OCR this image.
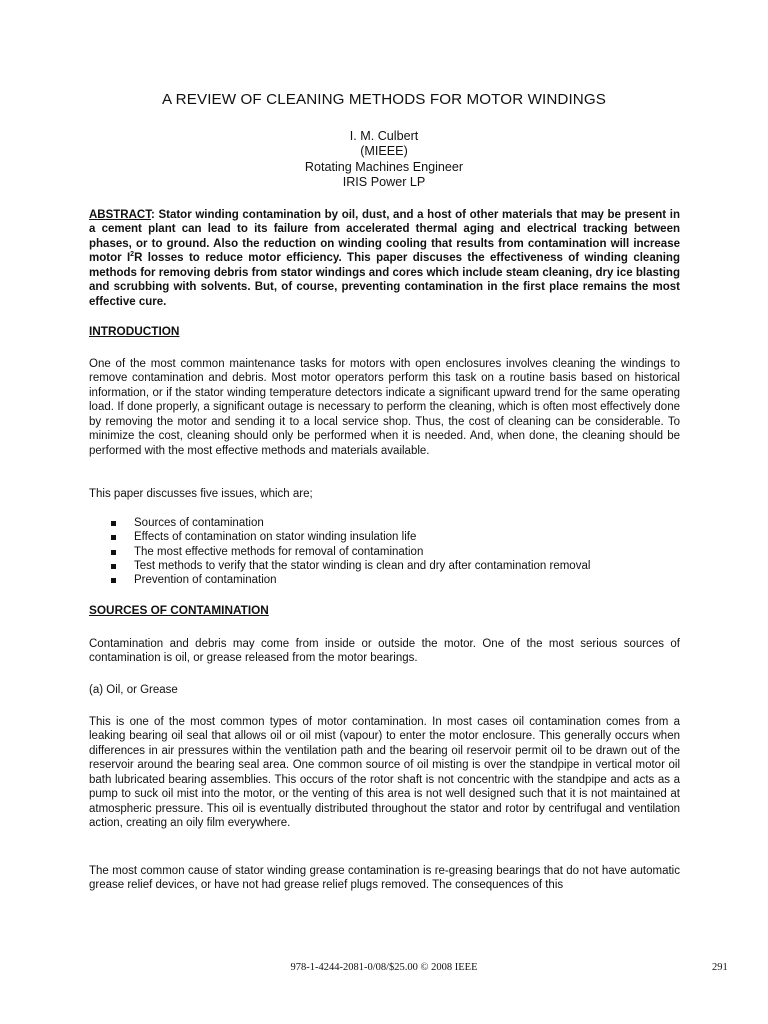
A REVIEW OF CLEANING METHODS FOR MOTOR WINDINGS
I. M. Culbert
(MIEEE)
Rotating Machines Engineer
IRIS Power LP
ABSTRACT: Stator winding contamination by oil, dust, and a host of other materials that may be present in a cement plant can lead to its failure from accelerated thermal aging and electrical tracking between phases, or to ground. Also the reduction on winding cooling that results from contamination will increase motor $I^2R$ losses to reduce motor efficiency. This paper discuses the effectiveness of winding cleaning methods for removing debris from stator windings and cores which include steam cleaning, dry ice blasting and scrubbing with solvents. But, of course, preventing contamination in the first place remains the most effective cure.
INTRODUCTION
One of the most common maintenance tasks for motors with open enclosures involves cleaning the windings to remove contamination and debris. Most motor operators perform this task on a routine basis based on historical information, or if the stator winding temperature detectors indicate a significant upward trend for the same operating load. If done properly, a significant outage is necessary to perform the cleaning, which is often most effectively done by removing the motor and sending it to a local service shop. Thus, the cost of cleaning can be considerable. To minimize the cost, cleaning should only be performed when it is needed. And, when done, the cleaning should be performed with the most effective methods and materials available.
This paper discusses five issues, which are;
Sources of contamination
Effects of contamination on stator winding insulation life
The most effective methods for removal of contamination
Test methods to verify that the stator winding is clean and dry after contamination removal
Prevention of contamination
SOURCES OF CONTAMINATION
Contamination and debris may come from inside or outside the motor. One of the most serious sources of contamination is oil, or grease released from the motor bearings.
(a) Oil, or Grease
This is one of the most common types of motor contamination. In most cases oil contamination comes from a leaking bearing oil seal that allows oil or oil mist (vapour) to enter the motor enclosure. This generally occurs when differences in air pressures within the ventilation path and the bearing oil reservoir permit oil to be drawn out of the reservoir around the bearing seal area. One common source of oil misting is over the standpipe in vertical motor oil bath lubricated bearing assemblies. This occurs of the rotor shaft is not concentric with the standpipe and acts as a pump to suck oil mist into the motor, or the venting of this area is not well designed such that it is not maintained at atmospheric pressure. This oil is eventually distributed throughout the stator and rotor by centrifugal and ventilation action, creating an oily film everywhere.
The most common cause of stator winding grease contamination is re-greasing bearings that do not have automatic grease relief devices, or have not had grease relief plugs removed. The consequences of this
978-1-4244-2081-0/08/$25.00 © 2008 IEEE	291
